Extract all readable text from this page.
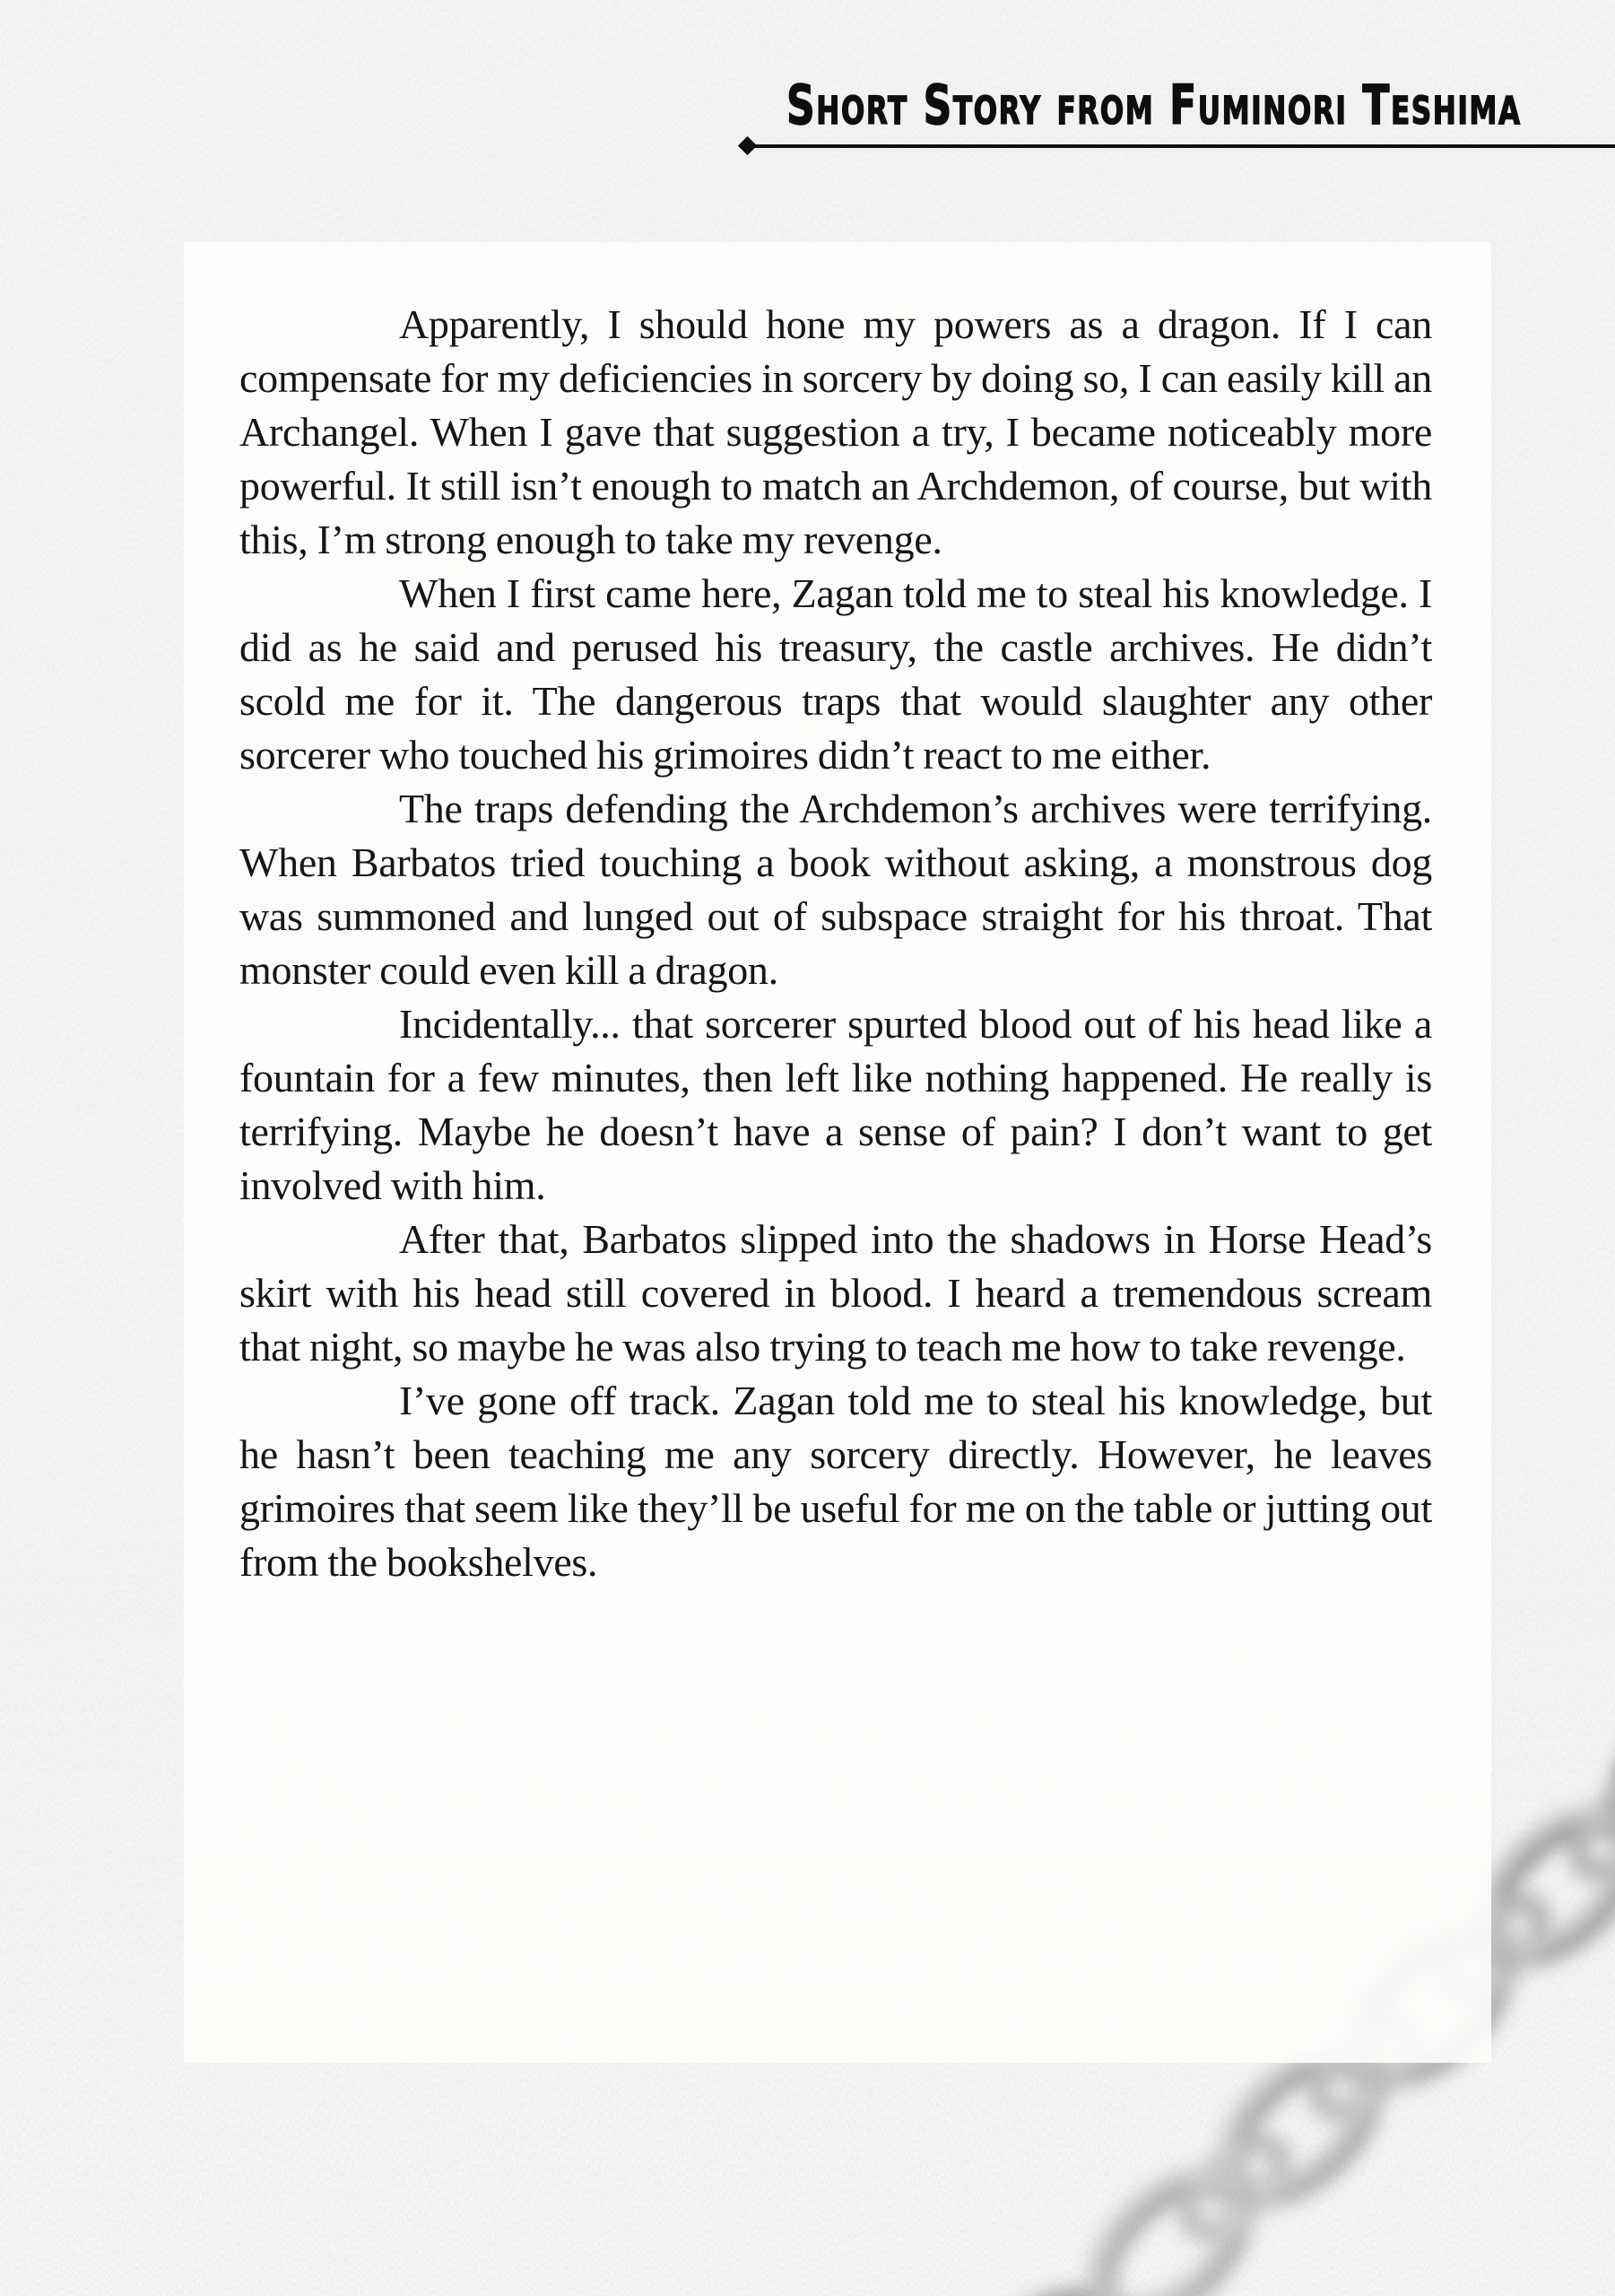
Short Story from Fuminori Teshima

Apparently, I should hone my powers as a dragon. If I can compensate for my deficiencies in sorcery by doing so, I can easily kill an Archangel. When I gave that suggestion a try, I became noticeably more powerful. It still isn’t enough to match an Archdemon, of course, but with this, I’m strong enough to take my revenge.

When I first came here, Zagan told me to steal his knowledge. I did as he said and perused his treasury, the castle archives. He didn’t scold me for it. The dangerous traps that would slaughter any other sorcerer who touched his grimoires didn’t react to me either.

The traps defending the Archdemon’s archives were terrifying. When Barbatos tried touching a book without asking, a monstrous dog was summoned and lunged out of subspace straight for his throat. That monster could even kill a dragon.

Incidentally... that sorcerer spurted blood out of his head like a fountain for a few minutes, then left like nothing happened. He really is terrifying. Maybe he doesn’t have a sense of pain? I don’t want to get involved with him.

After that, Barbatos slipped into the shadows in Horse Head’s skirt with his head still covered in blood. I heard a tremendous scream that night, so maybe he was also trying to teach me how to take revenge.

I’ve gone off track. Zagan told me to steal his knowledge, but he hasn’t been teaching me any sorcery directly. However, he leaves grimoires that seem like they’ll be useful for me on the table or jutting out from the bookshelves.
